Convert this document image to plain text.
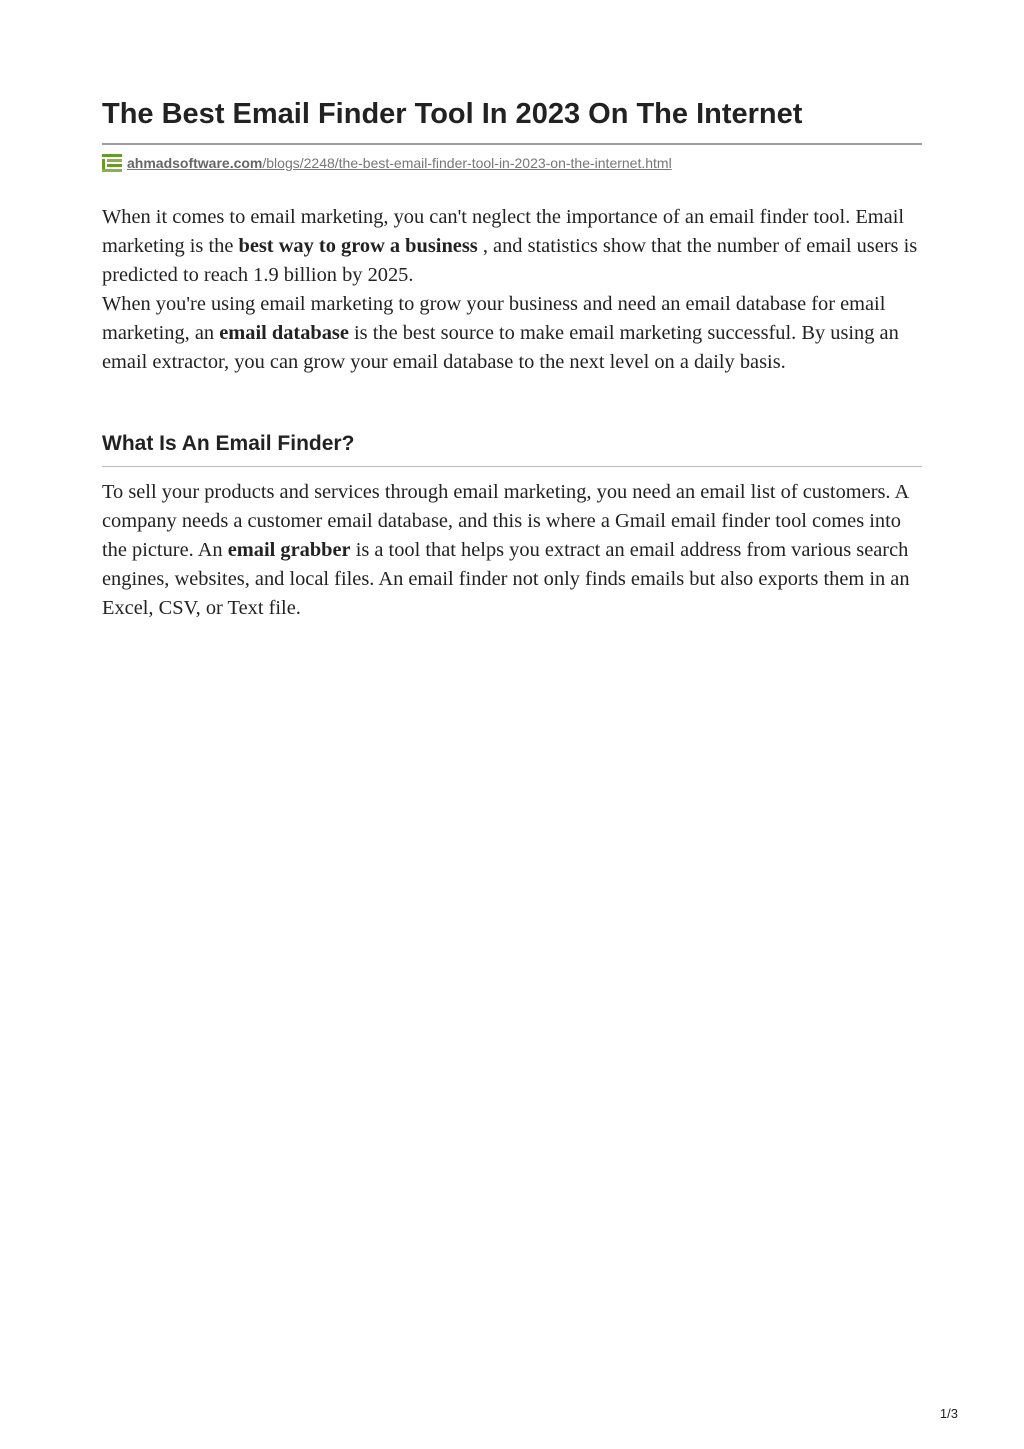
The Best Email Finder Tool In 2023 On The Internet
ahmadsoftware.com/blogs/2248/the-best-email-finder-tool-in-2023-on-the-internet.html

When it comes to email marketing, you can't neglect the importance of an email finder tool. Email marketing is the best way to grow a business , and statistics show that the number of email users is predicted to reach 1.9 billion by 2025.

When you're using email marketing to grow your business and need an email database for email marketing, an email database is the best source to make email marketing successful. By using an email extractor, you can grow your email database to the next level on a daily basis.

What Is An Email Finder?

To sell your products and services through email marketing, you need an email list of customers. A company needs a customer email database, and this is where a Gmail email finder tool comes into the picture. An email grabber is a tool that helps you extract an email address from various search engines, websites, and local files. An email finder not only finds emails but also exports them in an Excel, CSV, or Text file.

1/3
